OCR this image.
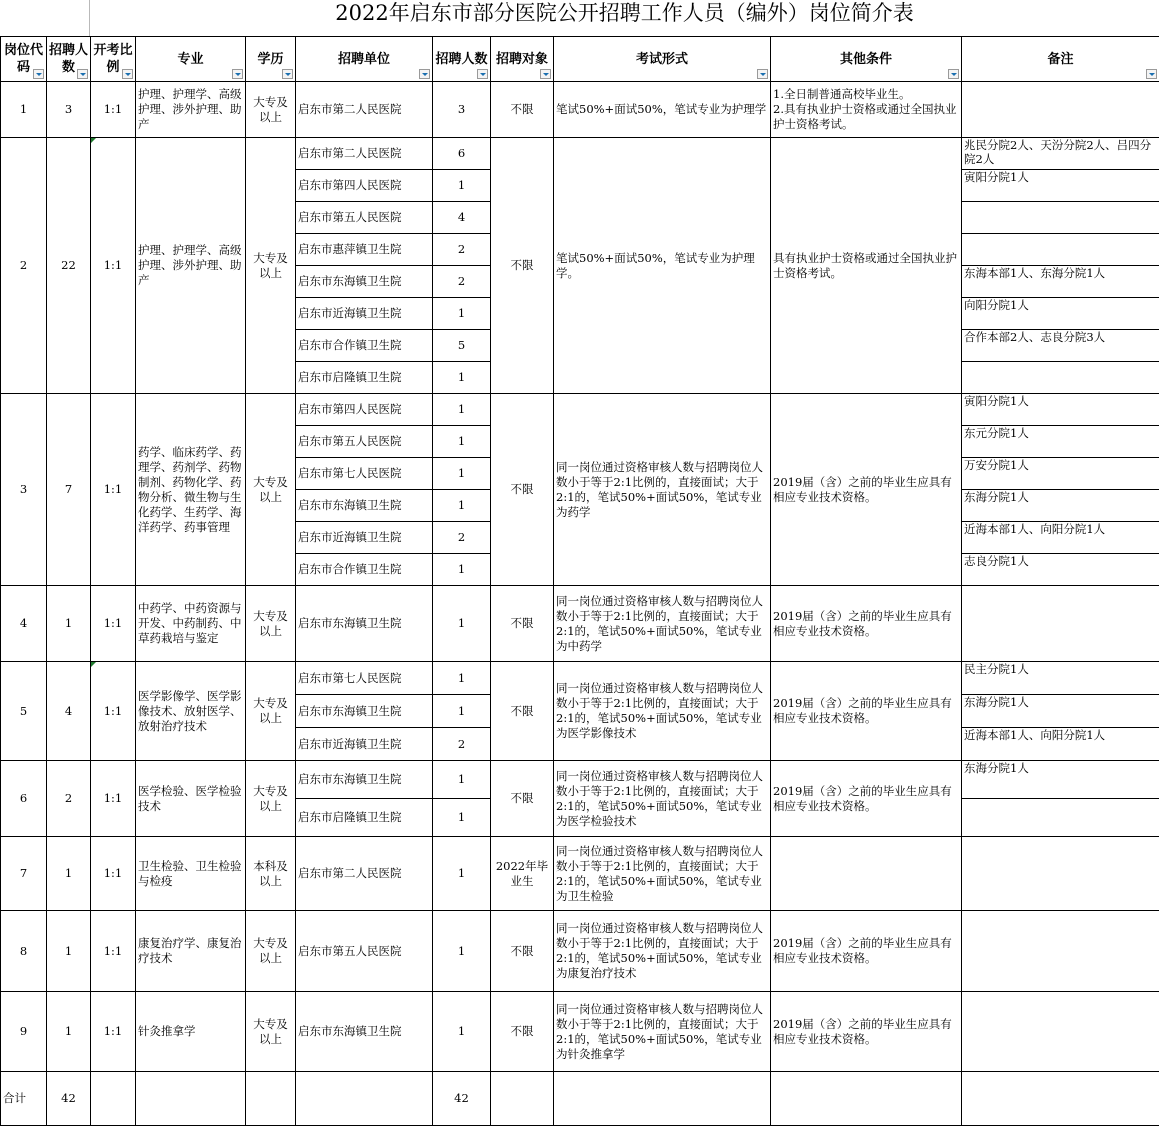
2022年启东市部分医院公开招聘工作人员（编外）岗位简介表
岗位代码	招聘人数	开考比例	专业	学历	招聘单位	招聘人数	招聘对象	考试形式	其他条件	备注

1	3	1:1	护理、护理学、高级护理、涉外护理、助产	大专及以上	启东市第二人民医院	3	不限	笔试50%+面试50%，笔试专业为护理学	1.全日制普通高校毕业生。
2.具有执业护士资格或通过全国执业护士资格考试。	
2	22	1:1	护理、护理学、高级护理、涉外护理、助产	大专及以上	启东市第二人民医院	6	不限	笔试50%+面试50%，笔试专业为护理学。	具有执业护士资格或通过全国执业护士资格考试。	兆民分院2人、天汾分院2人、吕四分院2人
					启东市第四人民医院	1				寅阳分院1人
					启东市第五人民医院	4				
					启东市惠萍镇卫生院	2				
					启东市东海镇卫生院	2				东海本部1人、东海分院1人
					启东市近海镇卫生院	1				向阳分院1人
					启东市合作镇卫生院	5				合作本部2人、志良分院3人
					启东市启隆镇卫生院	1				
3	7	1:1	药学、临床药学、药理学、药剂学、药物制剂、药物化学、药物分析、微生物与生化药学、生药学、海洋药学、药事管理	大专及以上	启东市第四人民医院	1	不限	同一岗位通过资格审核人数与招聘岗位人数小于等于2:1比例的，直接面试；大于2:1的，笔试50%+面试50%，笔试专业为药学	2019届（含）之前的毕业生应具有相应专业技术资格。	寅阳分院1人
					启东市第五人民医院	1				东元分院1人
					启东市第七人民医院	1				万安分院1人
					启东市东海镇卫生院	1				东海分院1人
					启东市近海镇卫生院	2				近海本部1人、向阳分院1人
					启东市合作镇卫生院	1				志良分院1人
4	1	1:1	中药学、中药资源与开发、中药制药、中草药栽培与鉴定	大专及以上	启东市东海镇卫生院	1	不限	同一岗位通过资格审核人数与招聘岗位人数小于等于2:1比例的，直接面试；大于2:1的，笔试50%+面试50%，笔试专业为中药学	2019届（含）之前的毕业生应具有相应专业技术资格。	
5	4	1:1	医学影像学、医学影像技术、放射医学、放射治疗技术	大专及以上	启东市第七人民医院	1	不限	同一岗位通过资格审核人数与招聘岗位人数小于等于2:1比例的，直接面试；大于2:1的，笔试50%+面试50%，笔试专业为医学影像技术	2019届（含）之前的毕业生应具有相应专业技术资格。	民主分院1人
					启东市东海镇卫生院	1				东海分院1人
					启东市近海镇卫生院	2				近海本部1人、向阳分院1人
6	2	1:1	医学检验、医学检验技术	大专及以上	启东市东海镇卫生院	1	不限	同一岗位通过资格审核人数与招聘岗位人数小于等于2:1比例的，直接面试；大于2:1的，笔试50%+面试50%，笔试专业为医学检验技术	2019届（含）之前的毕业生应具有相应专业技术资格。	东海分院1人
					启东市启隆镇卫生院	1				
7	1	1:1	卫生检验、卫生检验与检疫	本科及以上	启东市第二人民医院	1	2022年毕业生	同一岗位通过资格审核人数与招聘岗位人数小于等于2:1比例的，直接面试；大于2:1的，笔试50%+面试50%，笔试专业为卫生检验		
8	1	1:1	康复治疗学、康复治疗技术	大专及以上	启东市第五人民医院	1	不限	同一岗位通过资格审核人数与招聘岗位人数小于等于2:1比例的，直接面试；大于2:1的，笔试50%+面试50%，笔试专业为康复治疗技术	2019届（含）之前的毕业生应具有相应专业技术资格。	
9	1	1:1	针灸推拿学	大专及以上	启东市东海镇卫生院	1	不限	同一岗位通过资格审核人数与招聘岗位人数小于等于2:1比例的，直接面试；大于2:1的，笔试50%+面试50%，笔试专业为针灸推拿学	2019届（含）之前的毕业生应具有相应专业技术资格。	
合计	42					42				
